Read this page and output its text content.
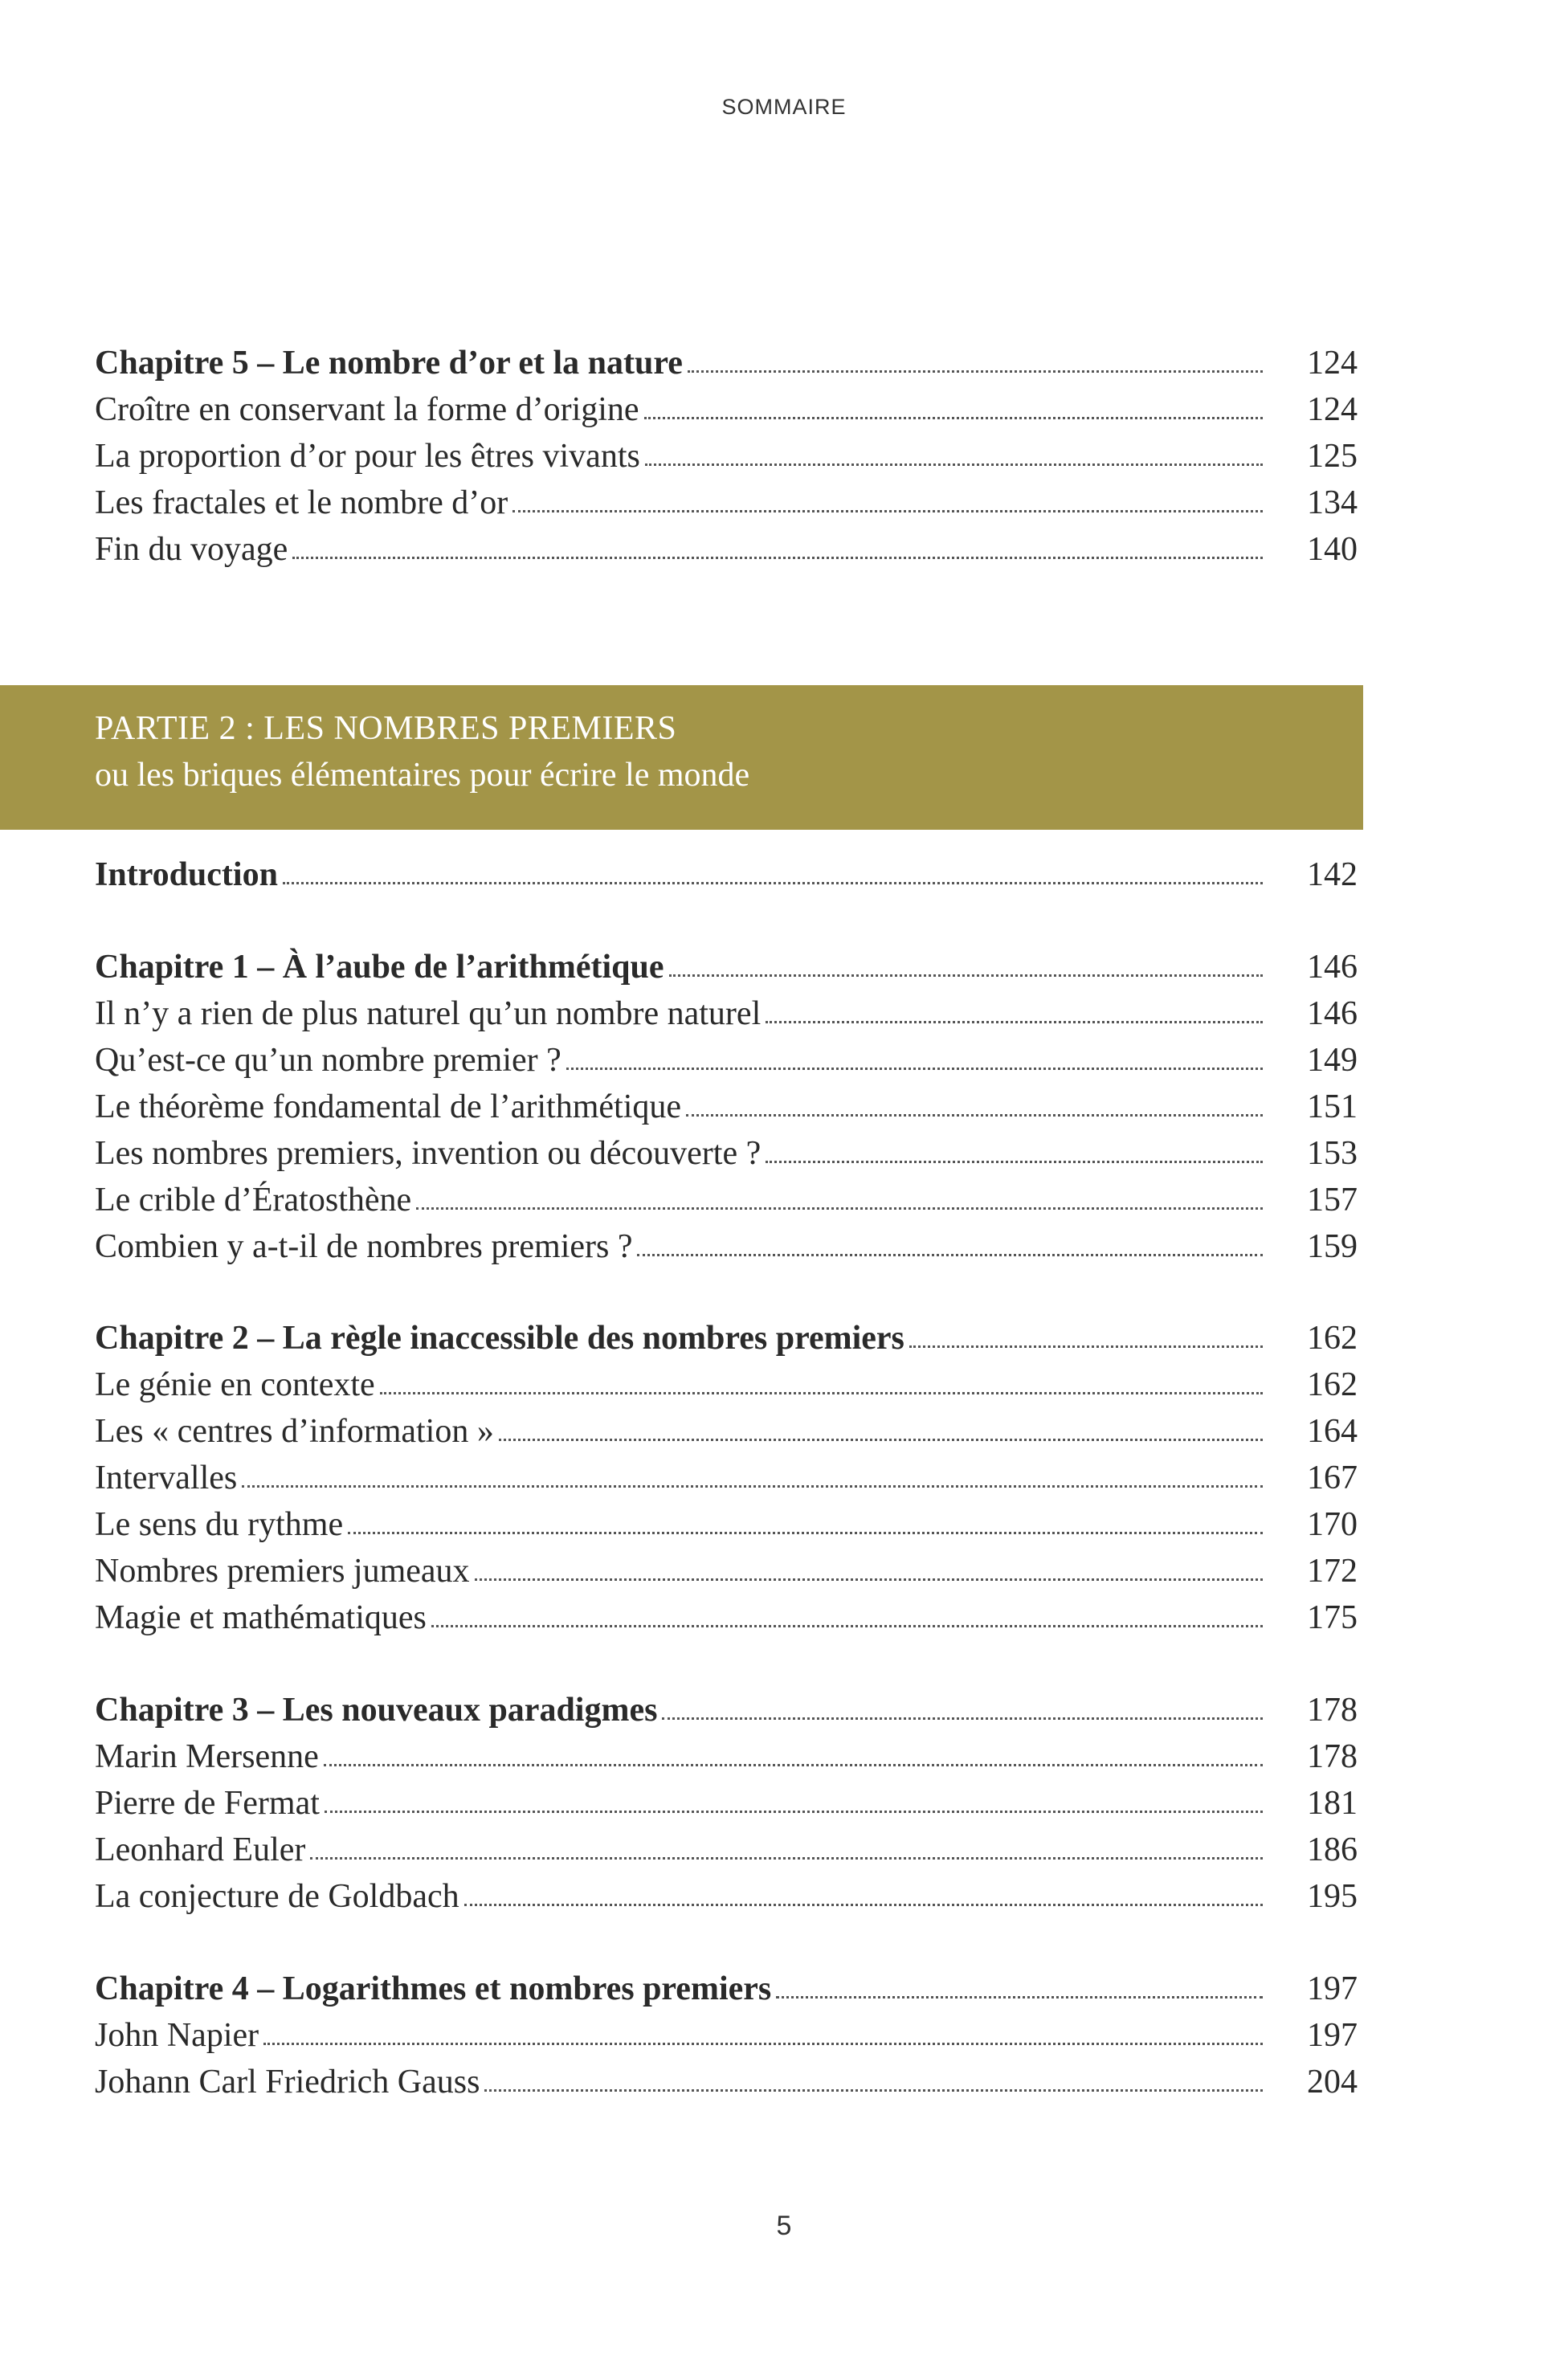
SOMMAIRE
Chapitre 5 – Le nombre d’or et la nature	124
Croître en conservant la forme d’origine	124
La proportion d’or pour les êtres vivants	125
Les fractales et le nombre d’or	134
Fin du voyage	140
PARTIE 2 : LES NOMBRES PREMIERS
ou les briques élémentaires pour écrire le monde
Introduction	142
Chapitre 1 – À l’aube de l’arithmétique	146
Il n’y a rien de plus naturel qu’un nombre naturel	146
Qu’est-ce qu’un nombre premier ?	149
Le théorème fondamental de l’arithmétique	151
Les nombres premiers, invention ou découverte ?	153
Le crible d’Ératosthène	157
Combien y a-t-il de nombres premiers ?	159
Chapitre 2 – La règle inaccessible des nombres premiers	162
Le génie en contexte	162
Les « centres d’information »	164
Intervalles	167
Le sens du rythme	170
Nombres premiers jumeaux	172
Magie et mathématiques	175
Chapitre 3 – Les nouveaux paradigmes	178
Marin Mersenne	178
Pierre de Fermat	181
Leonhard Euler	186
La conjecture de Goldbach	195
Chapitre 4 – Logarithmes et nombres premiers	197
John Napier	197
Johann Carl Friedrich Gauss	204
5
